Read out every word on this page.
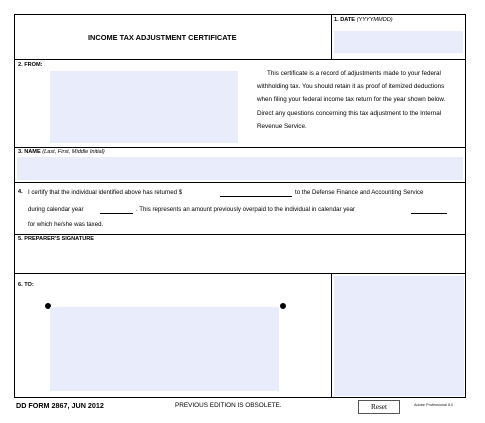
INCOME TAX ADJUSTMENT CERTIFICATE
1. DATE (YYYYMMDD)
2. FROM:
This certificate is a record of adjustments made to your federal withholding tax. You should retain it as proof of itemized deductions when filing your federal income tax return for the year shown below. Direct any questions concerning this tax adjustment to the Internal Revenue Service.
3. NAME (Last, First, Middle Initial)
4. I certify that the individual identified above has returned $	to the Defense Finance and Accounting Service
during calendar year	. This represents an amount previously overpaid to the individual in calendar year
for which he/she was taxed.
5. PREPARER'S SIGNATURE
6. TO:
DD FORM 2867, JUN 2012	PREVIOUS EDITION IS OBSOLETE.	Reset	Adobe Professional 8.0
